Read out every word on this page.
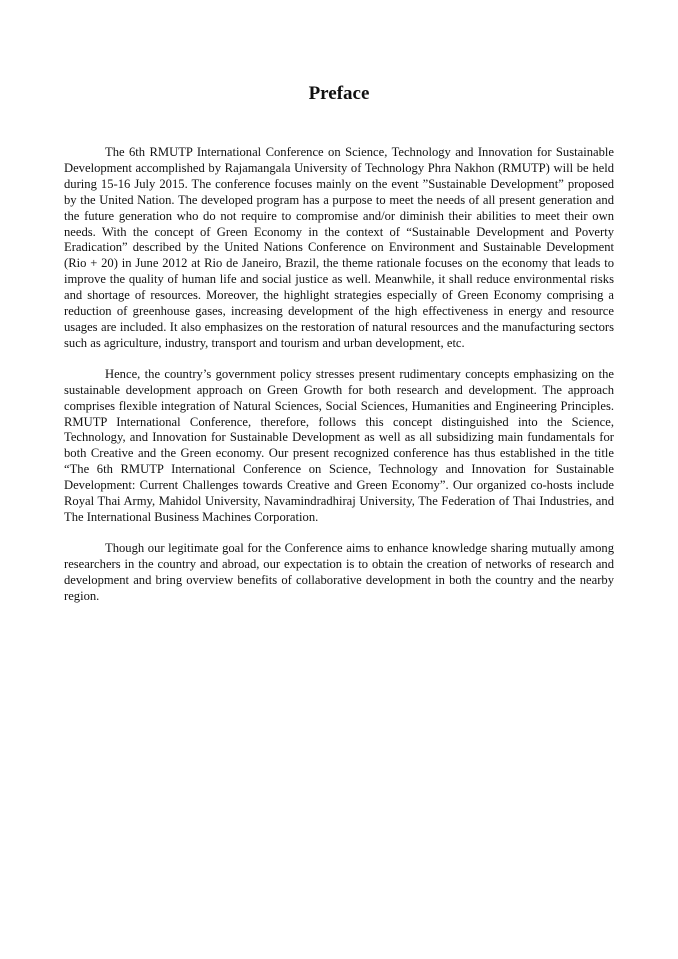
Preface

The 6th RMUTP International Conference on Science, Technology and Innovation for Sustainable Development accomplished by Rajamangala University of Technology Phra Nakhon (RMUTP) will be held during 15-16 July 2015. The conference focuses mainly on the event ”Sustainable Development” proposed by the United Nation. The developed program has a purpose to meet the needs of all present generation and the future generation who do not require to compromise and/or diminish their abilities to meet their own needs. With the concept of Green Economy in the context of “Sustainable Development and Poverty Eradication” described by the United Nations Conference on Environment and Sustainable Development (Rio + 20) in June 2012 at Rio de Janeiro, Brazil, the theme rationale focuses on the economy that leads to improve the quality of human life and social justice as well. Meanwhile, it shall reduce environmental risks and shortage of resources. Moreover, the highlight strategies especially of Green Economy comprising a reduction of greenhouse gases, increasing development of the high effectiveness in energy and resource usages are included. It also emphasizes on the restoration of natural resources and the manufacturing sectors such as agriculture, industry, transport and tourism and urban development, etc.

Hence, the country’s government policy stresses present rudimentary concepts emphasizing on the sustainable development approach on Green Growth for both research and development. The approach comprises flexible integration of Natural Sciences, Social Sciences, Humanities and Engineering Principles. RMUTP International Conference, therefore, follows this concept distinguished into the Science, Technology, and Innovation for Sustainable Development as well as all subsidizing main fundamentals for both Creative and the Green economy. Our present recognized conference has thus established in the title “The 6th RMUTP International Conference on Science, Technology and Innovation for Sustainable Development: Current Challenges towards Creative and Green Economy”. Our organized co-hosts include Royal Thai Army, Mahidol University, Navamindradhiraj University, The Federation of Thai Industries, and The International Business Machines Corporation.

Though our legitimate goal for the Conference aims to enhance knowledge sharing mutually among researchers in the country and abroad, our expectation is to obtain the creation of networks of research and development and bring overview benefits of collaborative development in both the country and the nearby region.
